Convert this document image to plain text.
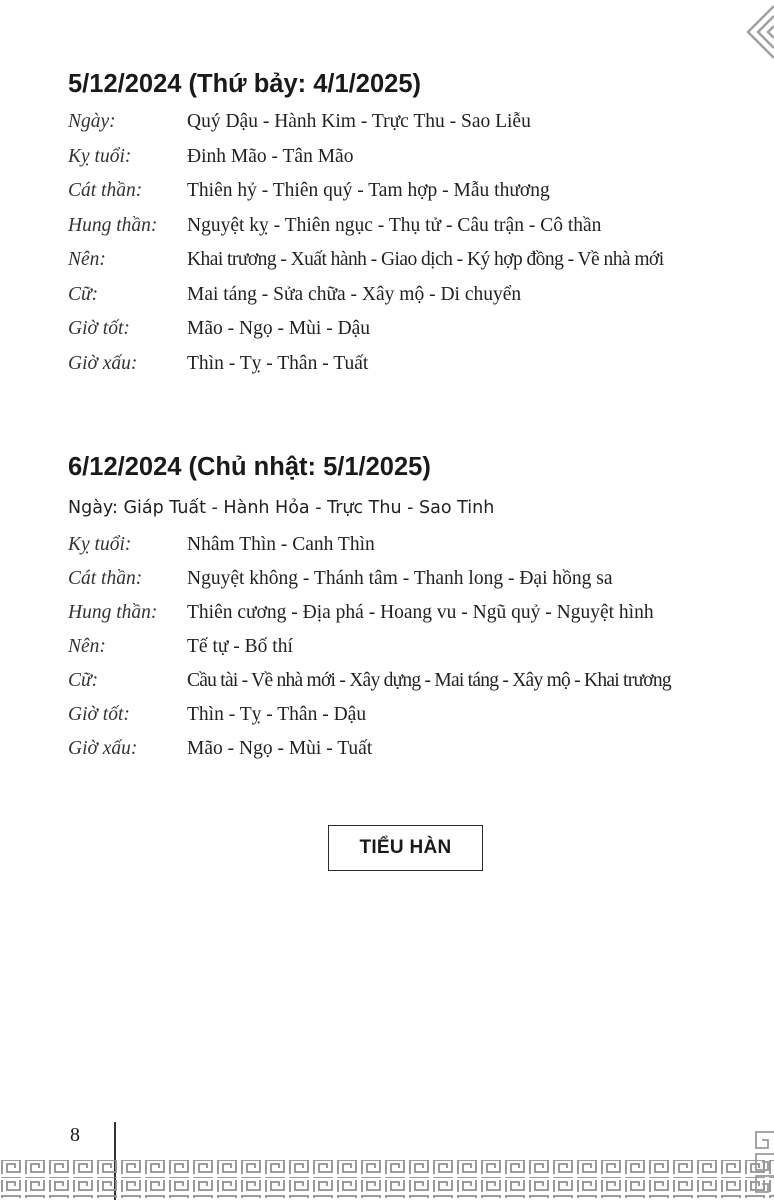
5/12/2024 (Thứ bảy: 4/1/2025)
Ngày:	Quý Dậu - Hành Kim - Trực Thu - Sao Liễu
Kỵ tuổi:	Đinh Mão - Tân Mão
Cát thần: Thiên hỷ - Thiên quý - Tam hợp - Mẫu thương
Hung thần: Nguyệt kỵ - Thiên ngục - Thụ tử - Câu trận - Cô thần
Nên:	Khai trương - Xuất hành - Giao dịch - Ký hợp đồng - Về nhà mới
Cữ:	Mai táng - Sửa chữa - Xây mộ - Di chuyển
Giờ tốt:	Mão - Ngọ - Mùi - Dậu
Giờ xấu:	Thìn - Tỵ - Thân - Tuất
6/12/2024 (Chủ nhật: 5/1/2025)
Ngày: Giáp Tuất - Hành Hỏa - Trực Thu - Sao Tinh
Kỵ tuổi:	Nhâm Thìn - Canh Thìn
Cát thần: Nguyệt không - Thánh tâm - Thanh long - Đại hồng sa
Hung thần: Thiên cương - Địa phá - Hoang vu - Ngũ quỷ - Nguyệt hình
Nên:	Tế tự - Bố thí
Cữ:	Cầu tài - Về nhà mới - Xây dựng - Mai táng - Xây mộ - Khai trương
Giờ tốt:	Thìn - Tỵ - Thân - Dậu
Giờ xấu:	Mão - Ngọ - Mùi - Tuất
TIỂU HÀN
8
